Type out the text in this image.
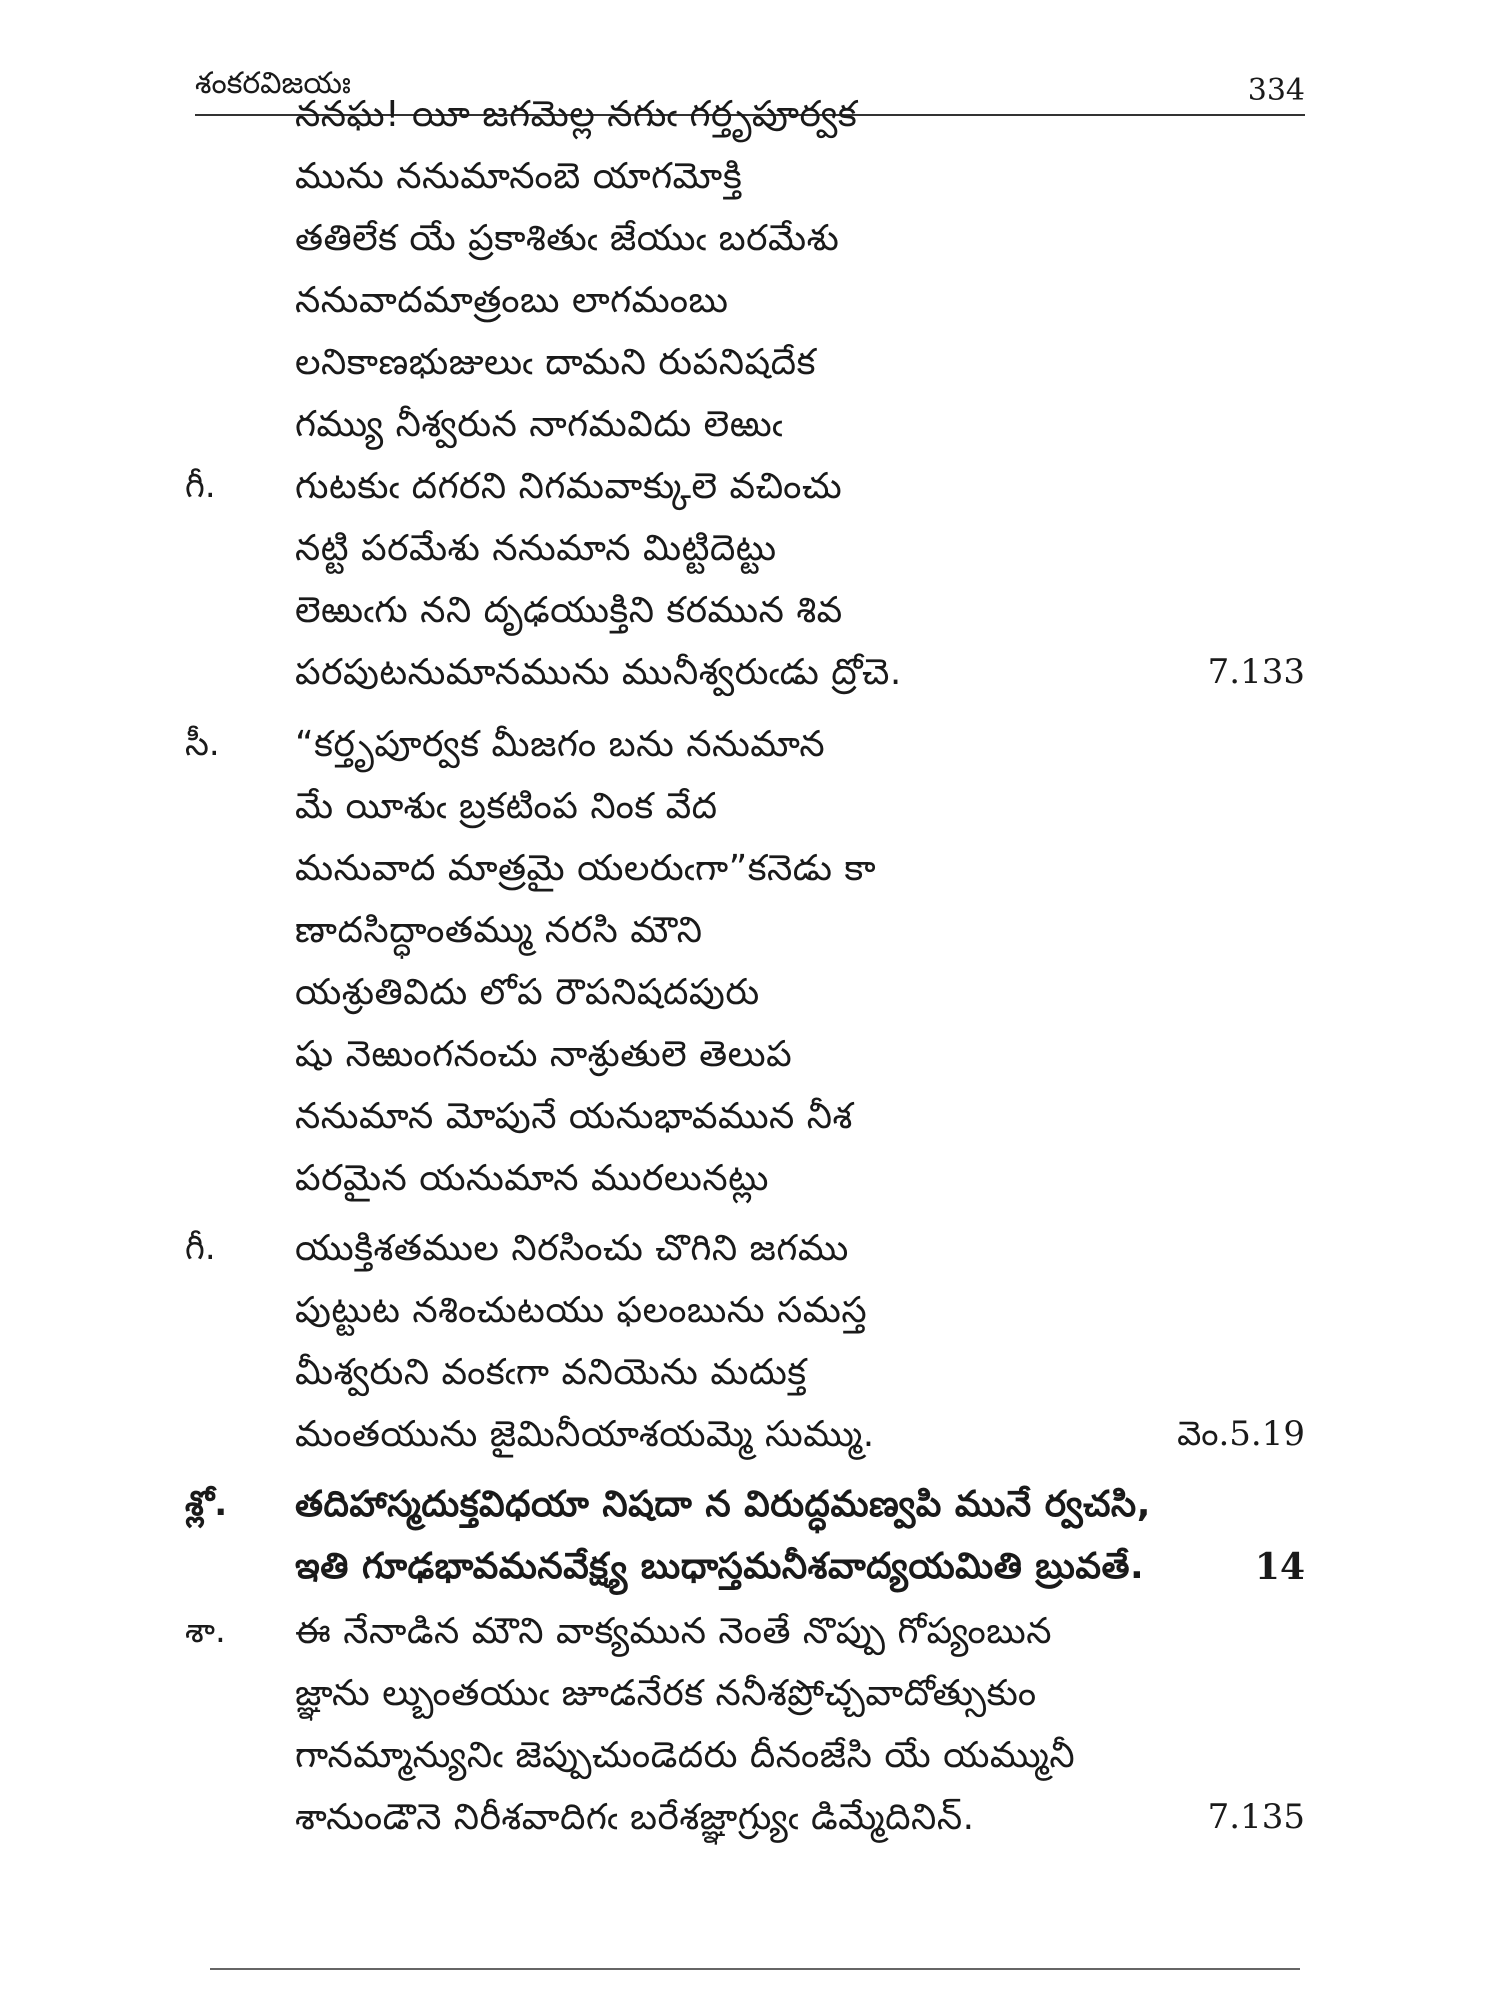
శంకరవిజయః	334
ననఘ! యీ జగమెల్ల నగుఁ గర్తృపూర్వక
మును ననుమానంబె యాగమోక్తి
తతిలేక యే ప్రకాశితుఁ జేయుఁ బరమేశు
ననువాదమాత్రంబు లాగమంబు
లనికాణభుజులుఁ దామని రుపనిషదేక
గమ్యు నీశ్వరున నాగమవిదు లెఱుఁ
గీ. గుటకుఁ దగరని నిగమవాక్కులె వచించు
నట్టి పరమేశు ననుమాన మిట్టిదెట్టు
లెఱుఁగు నని దృఢయుక్తిని కరమున శివ
పరపుటనుమానమును మునీశ్వరుఁడు ద్రోచె.	7.133
సీ. “కర్తృపూర్వక మీజగం బను ననుమాన
మే యీశుఁ బ్రకటింప నింక వేద
మనువాద మాత్రమై యలరుఁగా”కనెడు కా
ణాదసిద్ధాంతమ్ము నరసి మౌని
యశ్రుతివిదు లోప రౌపనిషదపురు
షు నెఱుంగనంచు నాశ్రుతులె తెలుప
ననుమాన మోపునే యనుభావమున నీశ
పరమైన యనుమాన మురలునట్లు
గీ. యుక్తిశతముల నిరసించు చొగిని జగము
పుట్టుట నశించుటయు ఫలంబును సమస్త
మీశ్వరుని వంకఁగా వనియెను మదుక్త
మంతయును జైమినీయాశయమ్మె సుమ్ము.	వెం.5.19
శ్లో. తదిహాస్మదుక్తవిధయా నిషదా న విరుద్ధమణ్వపి మునే ర్వచసి,
ఇతి గూఢభావమనవేక్ష్య బుధాస్తమనీశవాద్యయమితి బ్రువతే.	14
శా. ఈ నేనాడిన మౌని వాక్యమున నెంతే నొప్పు గోప్యంబున
జ్ఞాను ల్బుంతయుఁ జూడనేరక ననీశప్రోచ్చవాదోత్సుకుం
గానమ్మాన్యునిఁ జెప్పుచుండెదరు దీనంజేసి యే యమ్మునీ
శానుండౌనె నిరీశవాదిగఁ బరేశజ్ఞాగ్ర్యుఁ డిమ్మేదినిన్.	7.135
